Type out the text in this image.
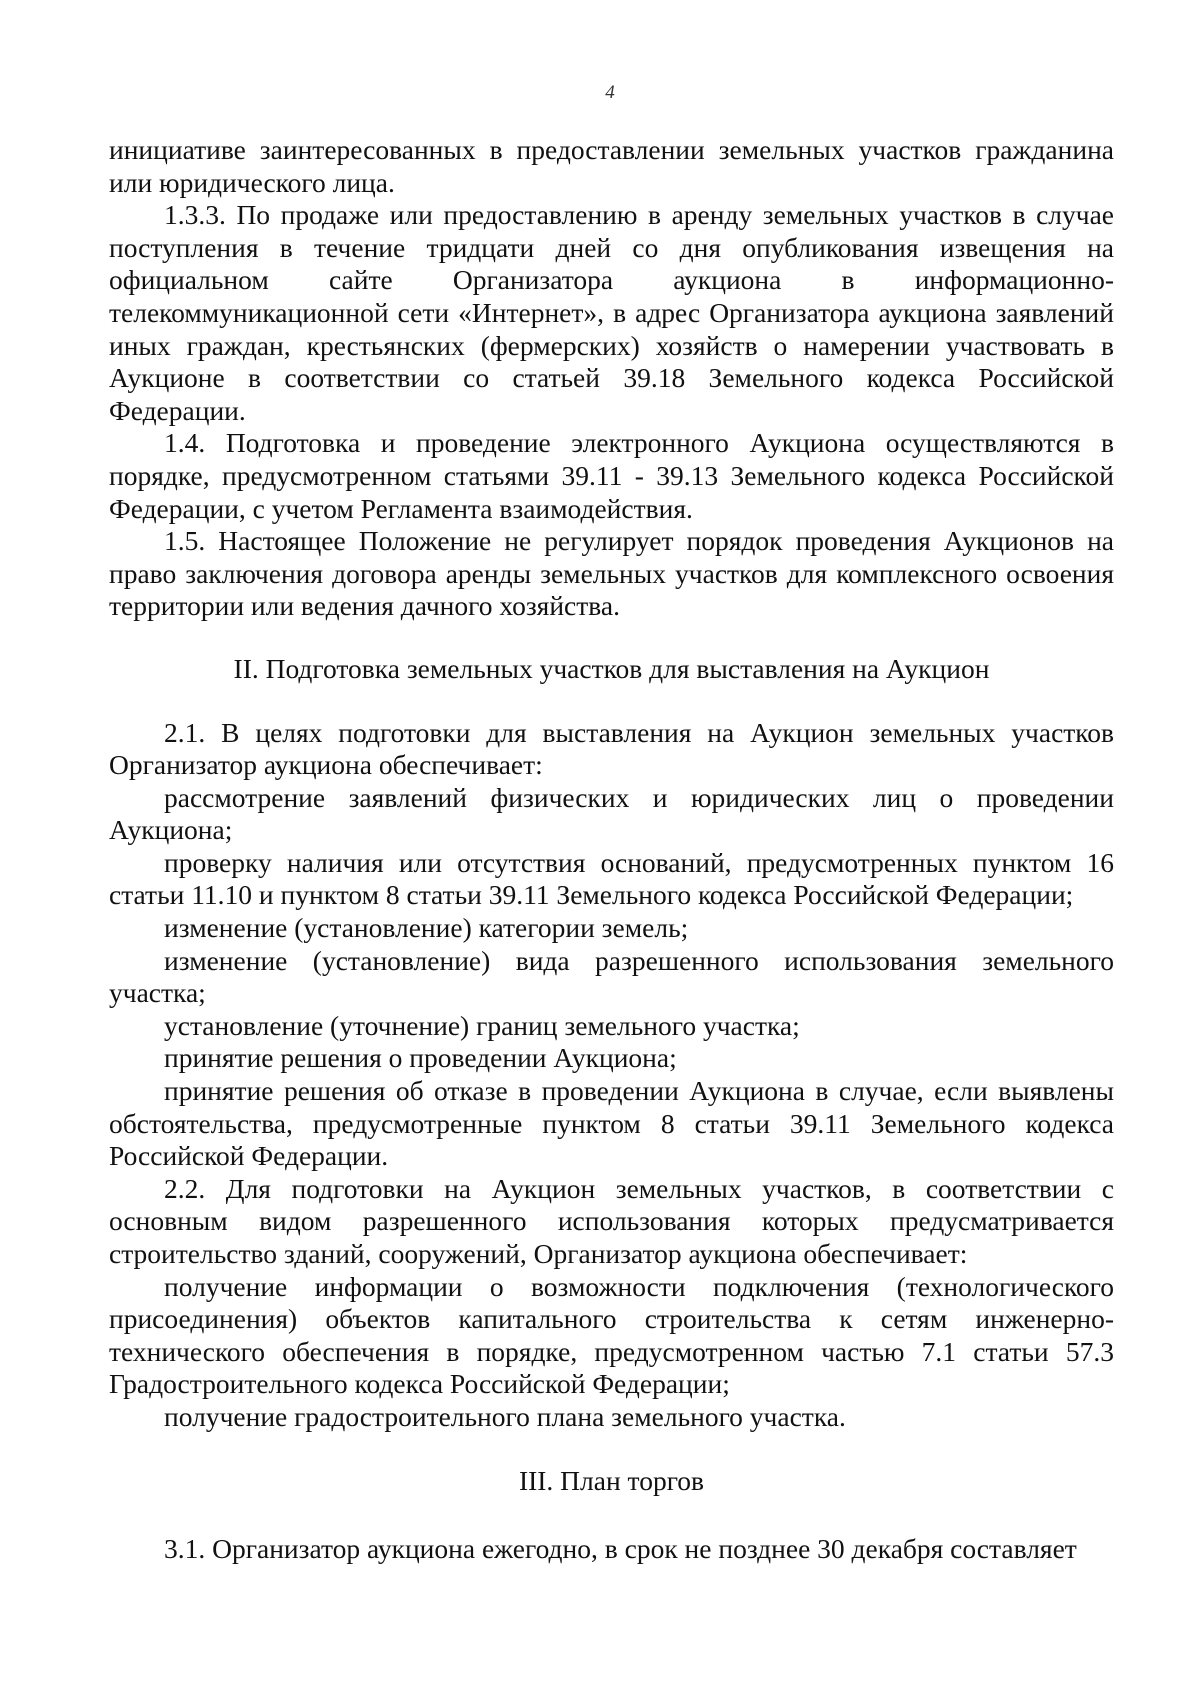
4

инициативе заинтересованных в предоставлении земельных участков гражданина или юридического лица.

1.3.3. По продаже или предоставлению в аренду земельных участков в случае поступления в течение тридцати дней со дня опубликования извещения на официальном сайте Организатора аукциона в информационно-телекоммуникационной сети «Интернет», в адрес Организатора аукциона заявлений иных граждан, крестьянских (фермерских) хозяйств о намерении участвовать в Аукционе в соответствии со статьей 39.18 Земельного кодекса Российской Федерации.

1.4. Подготовка и проведение электронного Аукциона осуществляются в порядке, предусмотренном статьями 39.11 - 39.13 Земельного кодекса Российской Федерации, с учетом Регламента взаимодействия.

1.5. Настоящее Положение не регулирует порядок проведения Аукционов на право заключения договора аренды земельных участков для комплексного освоения территории или ведения дачного хозяйства.

II. Подготовка земельных участков для выставления на Аукцион

2.1. В целях подготовки для выставления на Аукцион земельных участков Организатор аукциона обеспечивает:

рассмотрение заявлений физических и юридических лиц о проведении Аукциона;

проверку наличия или отсутствия оснований, предусмотренных пунктом 16 статьи 11.10 и пунктом 8 статьи 39.11 Земельного кодекса Российской Федерации;

изменение (установление) категории земель;

изменение (установление) вида разрешенного использования земельного участка;

установление (уточнение) границ земельного участка;

принятие решения о проведении Аукциона;

принятие решения об отказе в проведении Аукциона в случае, если выявлены обстоятельства, предусмотренные пунктом 8 статьи 39.11 Земельного кодекса Российской Федерации.

2.2. Для подготовки на Аукцион земельных участков, в соответствии с основным видом разрешенного использования которых предусматривается строительство зданий, сооружений, Организатор аукциона обеспечивает:

получение информации о возможности подключения (технологического присоединения) объектов капитального строительства к сетям инженерно-технического обеспечения в порядке, предусмотренном частью 7.1 статьи 57.3 Градостроительного кодекса Российской Федерации;

получение градостроительного плана земельного участка.

III. План торгов

3.1. Организатор аукциона ежегодно, в срок не позднее 30 декабря составляет
